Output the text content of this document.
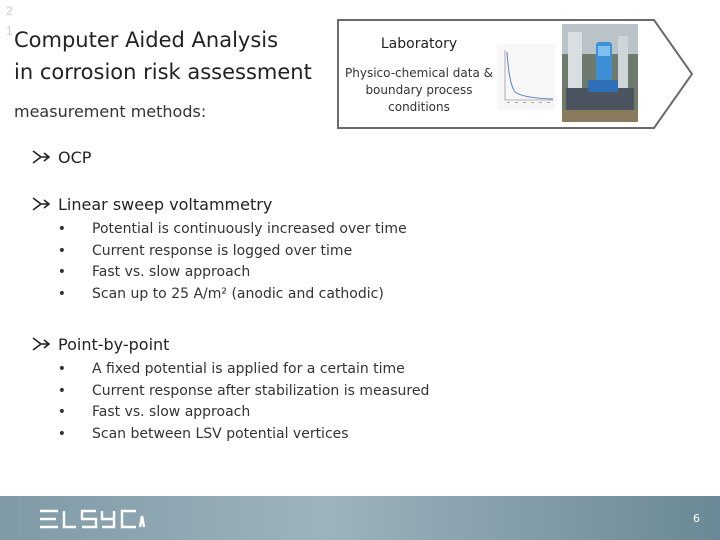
2
1 Computer Aided Analysis
in corrosion risk assessment
measurement methods:
Laboratory
Physico-chemical data & boundary process conditions
OCP
Linear sweep voltammetry
•	Potential is continuously increased over time
•	Current response is logged over time
•	Fast vs. slow approach
•	Scan up to 25 A/m² (anodic and cathodic)
Point-by-point
•	A fixed potential is applied for a certain time
•	Current response after stabilization is measured
•	Fast vs. slow approach
•	Scan between LSV potential vertices
6
